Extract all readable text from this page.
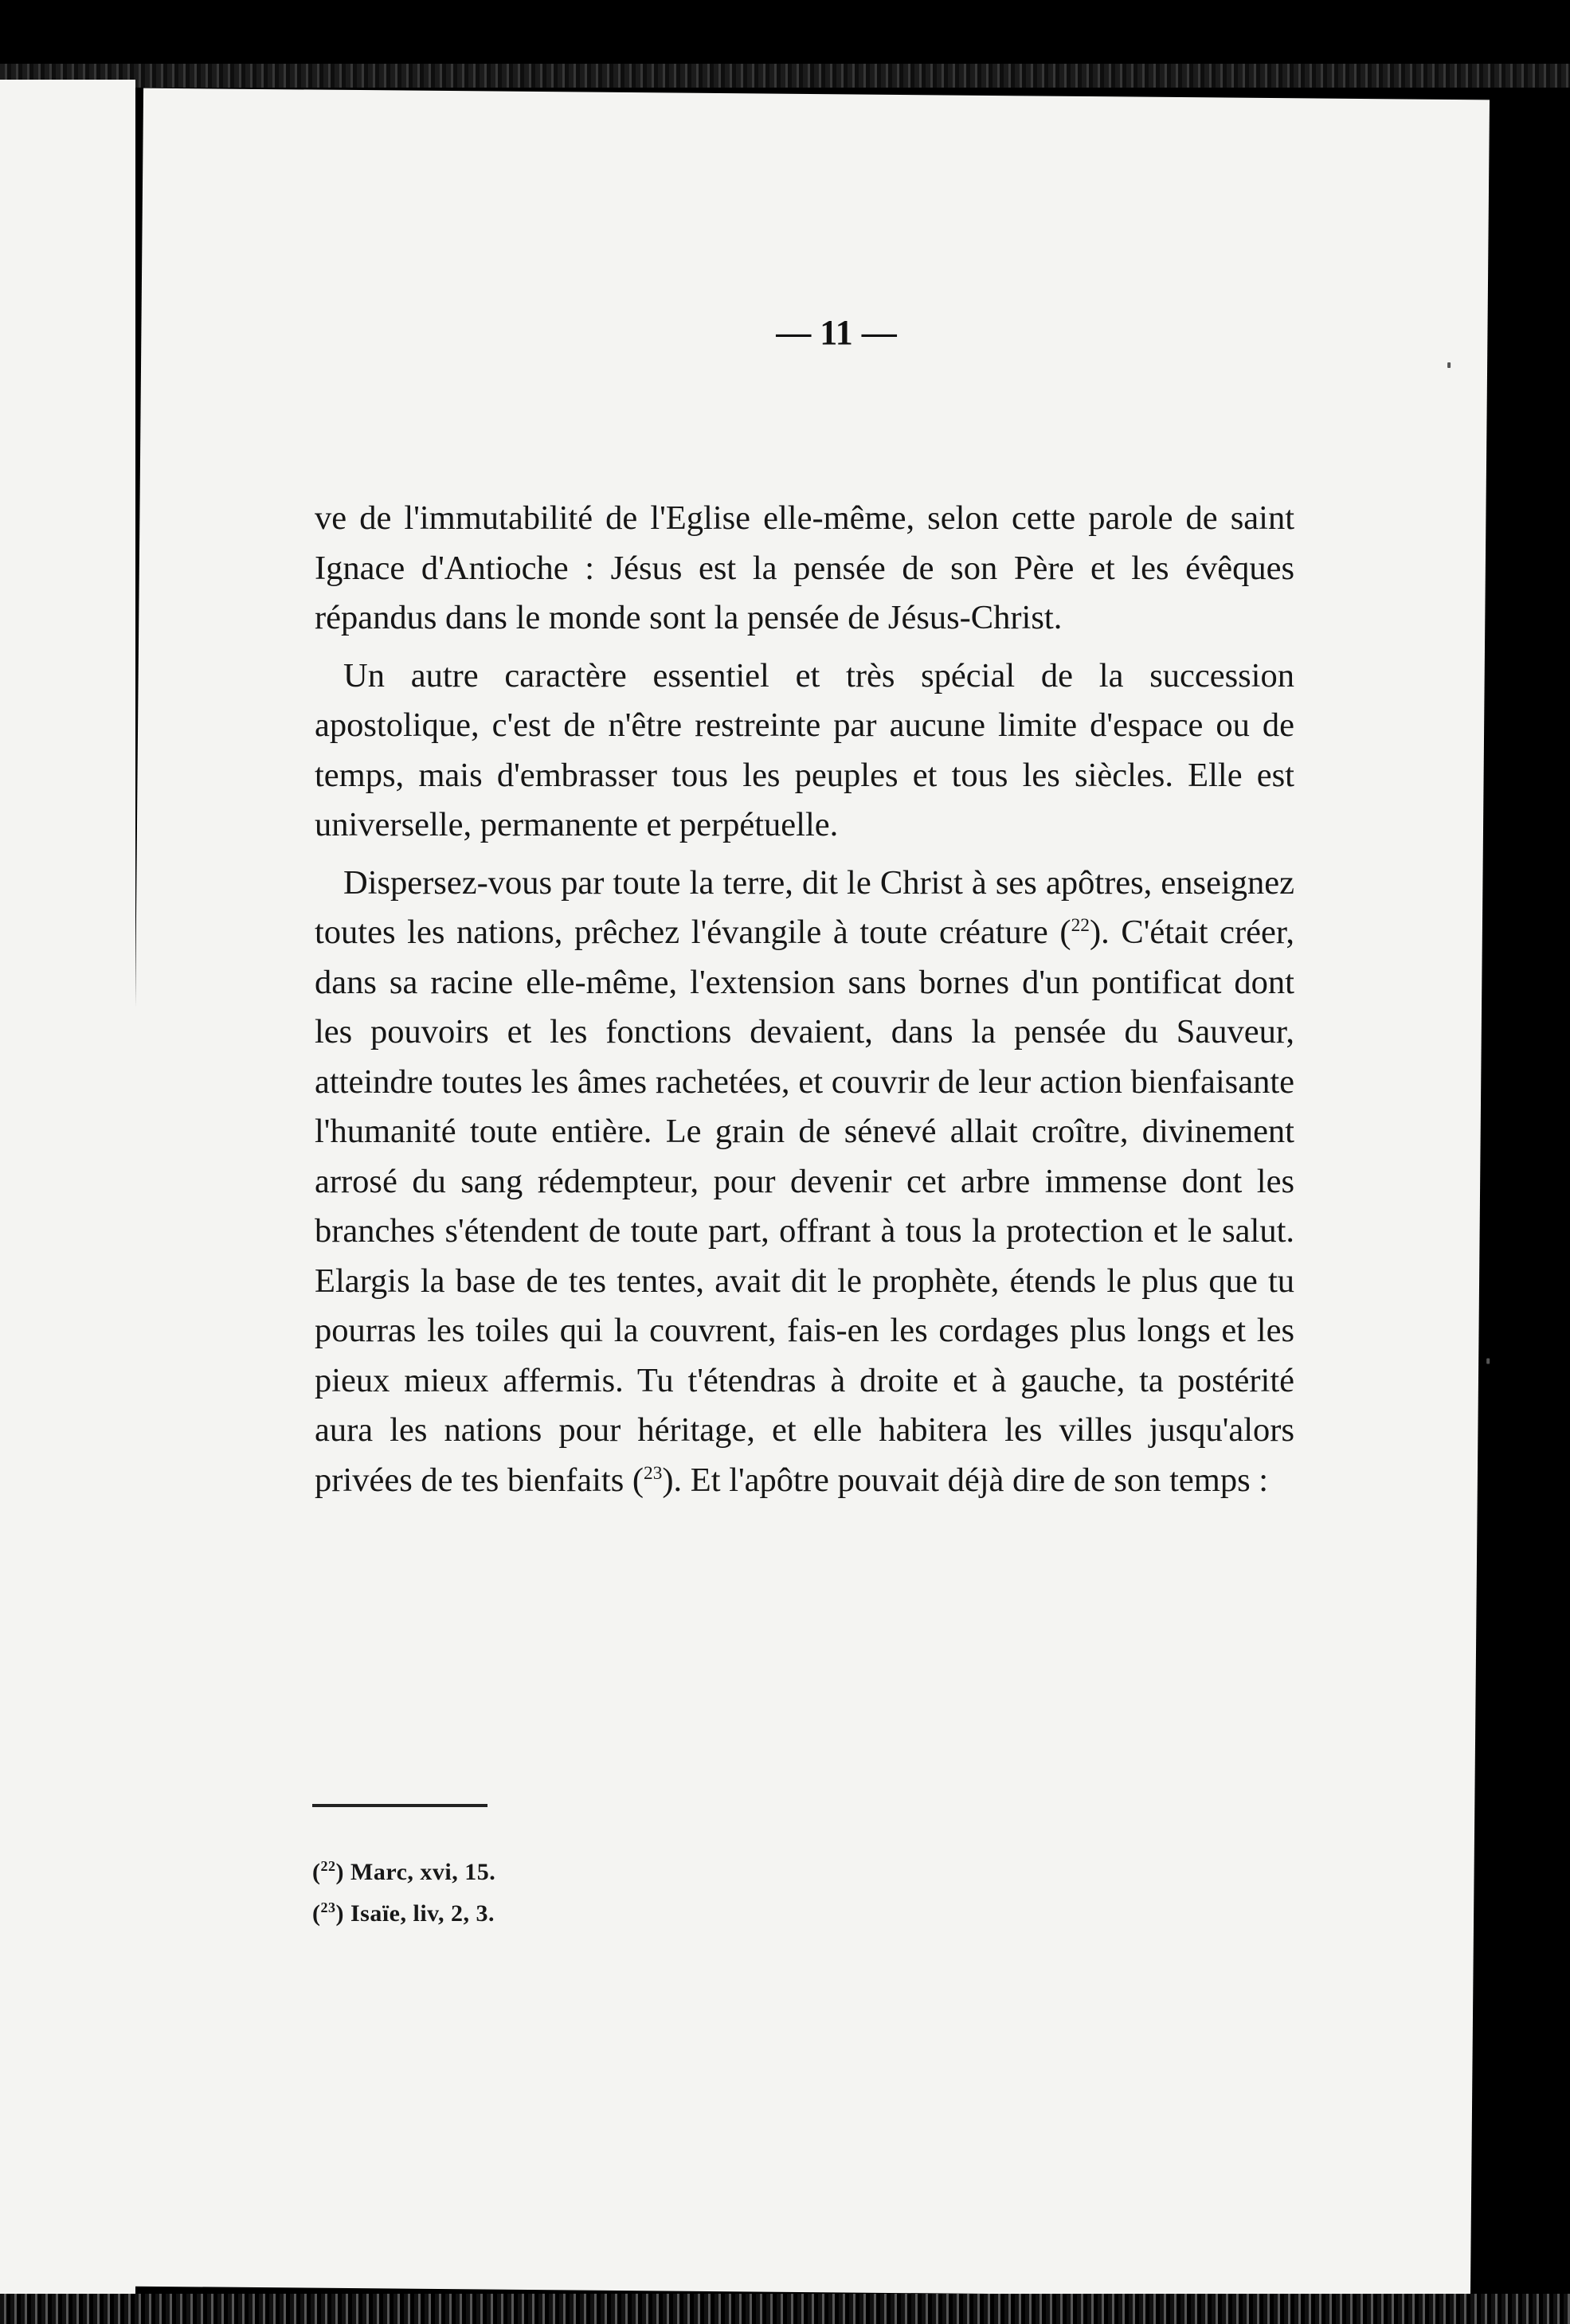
— 11 —

ve de l'immutabilité de l'Eglise elle-même, selon cette parole de saint Ignace d'Antioche : Jésus est la pensée de son Père et les évêques répandus dans le monde sont la pensée de Jésus-Christ.

Un autre caractère essentiel et très spécial de la succession apostolique, c'est de n'être restreinte par aucune limite d'espace ou de temps, mais d'embrasser tous les peuples et tous les siècles. Elle est universelle, permanente et perpétuelle.

Dispersez-vous par toute la terre, dit le Christ à ses apôtres, enseignez toutes les nations, prêchez l'évangile à toute créature ($^{22}$). C'était créer, dans sa racine elle-même, l'extension sans bornes d'un pontificat dont les pouvoirs et les fonctions devaient, dans la pensée du Sauveur, atteindre toutes les âmes rachetées, et couvrir de leur action bienfaisante l'humanité toute entière. Le grain de sénevé allait croître, divinement arrosé du sang rédempteur, pour devenir cet arbre immense dont les branches s'étendent de toute part, offrant à tous la protection et le salut. Elargis la base de tes tentes, avait dit le prophète, étends le plus que tu pourras les toiles qui la couvrent, fais-en les cordages plus longs et les pieux mieux affermis. Tu t'étendras à droite et à gauche, ta postérité aura les nations pour héritage, et elle habitera les villes jusqu'alors privées de tes bienfaits ($^{23}$). Et l'apôtre pouvait déjà dire de son temps :

($^{22}$) Marc, xvi, 15.
($^{23}$) Isaïe, liv, 2, 3.
